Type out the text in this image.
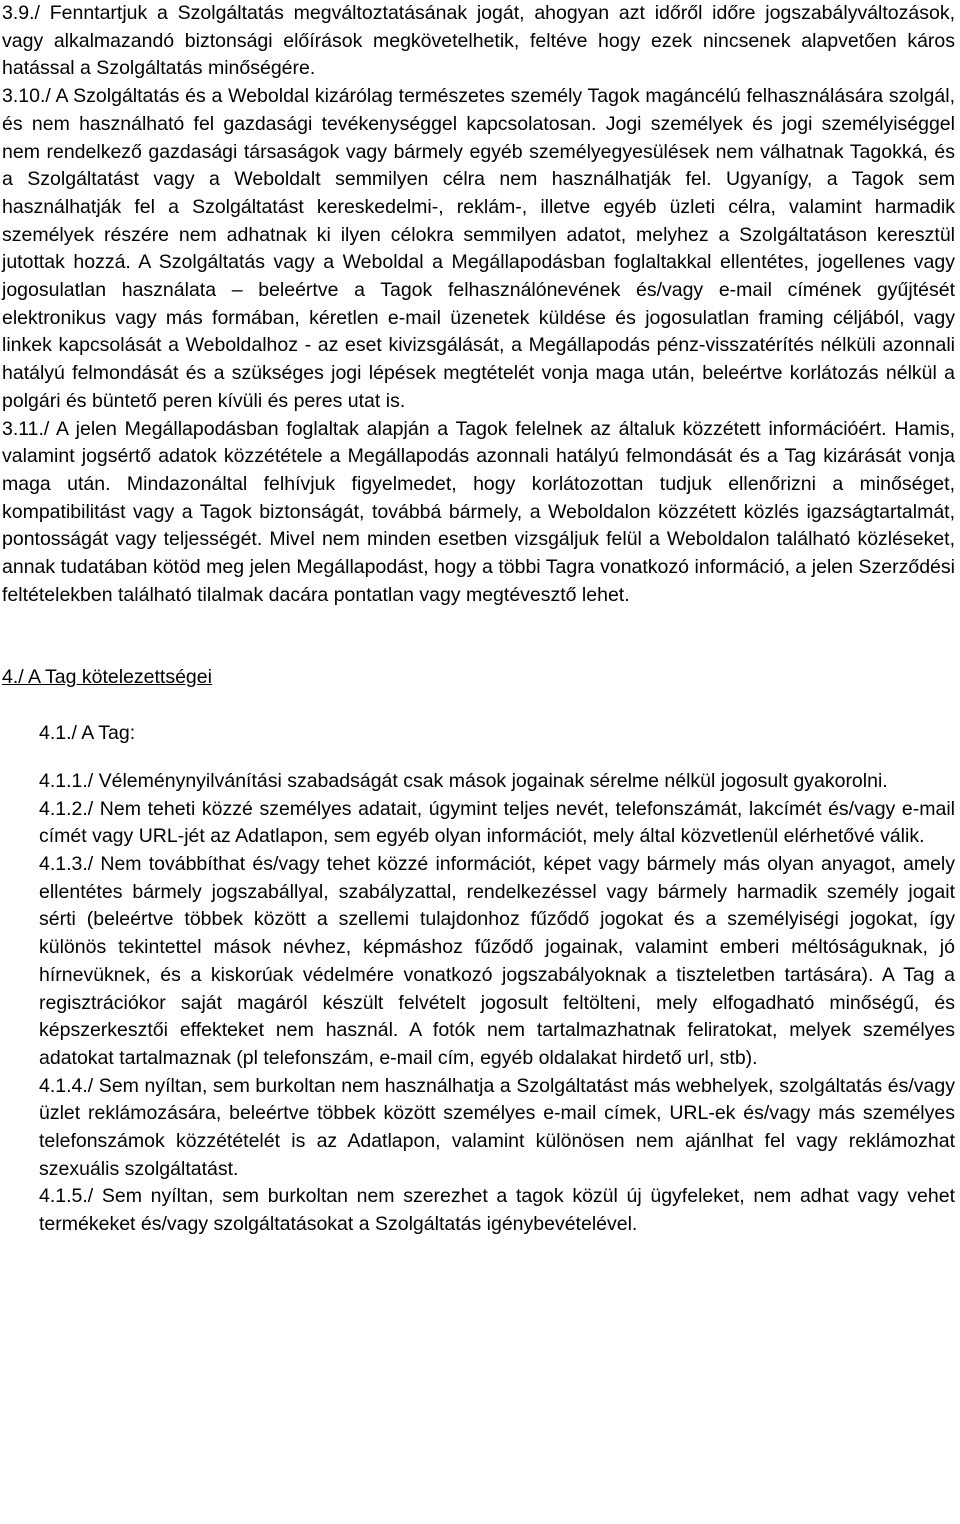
3.9./ Fenntartjuk a Szolgáltatás megváltoztatásának jogát, ahogyan azt időről időre jogszabályváltozások, vagy alkalmazandó biztonsági előírások megkövetelhetik, feltéve hogy ezek nincsenek alapvetően káros hatással a Szolgáltatás minőségére.

3.10./ A Szolgáltatás és a Weboldal kizárólag természetes személy Tagok magáncélú felhasználására szolgál, és nem használható fel gazdasági tevékenységgel kapcsolatosan. Jogi személyek és jogi személyiséggel nem rendelkező gazdasági társaságok vagy bármely egyéb személyegyesülések nem válhatnak Tagokká, és a Szolgáltatást vagy a Weboldalt semmilyen célra nem használhatják fel. Ugyanígy, a Tagok sem használhatják fel a Szolgáltatást kereskedelmi-, reklám-, illetve egyéb üzleti célra, valamint harmadik személyek részére nem adhatnak ki ilyen célokra semmilyen adatot, melyhez a Szolgáltatáson keresztül jutottak hozzá. A Szolgáltatás vagy a Weboldal a Megállapodásban foglaltakkal ellentétes, jogellenes vagy jogosulatlan használata – beleértve a Tagok felhasználónevének és/vagy e-mail címének gyűjtését elektronikus vagy más formában, kéretlen e-mail üzenetek küldése és jogosulatlan framing céljából, vagy linkek kapcsolását a Weboldalhoz - az eset kivizsgálását, a Megállapodás pénz-visszatérítés nélküli azonnali hatályú felmondását és a szükséges jogi lépések megtételét vonja maga után, beleértve korlátozás nélkül a polgári és büntető peren kívüli és peres utat is.

3.11./ A jelen Megállapodásban foglaltak alapján a Tagok felelnek az általuk közzétett információért. Hamis, valamint jogsértő adatok közzététele a Megállapodás azonnali hatályú felmondását és a Tag kizárását vonja maga után. Mindazonáltal felhívjuk figyelmedet, hogy korlátozottan tudjuk ellenőrizni a minőséget, kompatibilitást vagy a Tagok biztonságát, továbbá bármely, a Weboldalon közzétett közlés igazságtartalmát, pontosságát vagy teljességét. Mivel nem minden esetben vizsgáljuk felül a Weboldalon található közléseket, annak tudatában kötöd meg jelen Megállapodást, hogy a többi Tagra vonatkozó információ, a jelen Szerződési feltételekben található tilalmak dacára pontatlan vagy megtévesztő lehet.

4./ A Tag kötelezettségei

4.1./ A Tag:

4.1.1./ Véleménynyilvánítási szabadságát csak mások jogainak sérelme nélkül jogosult gyakorolni.

4.1.2./ Nem teheti közzé személyes adatait, úgymint teljes nevét, telefonszámát, lakcímét és/vagy e-mail címét vagy URL-jét az Adatlapon, sem egyéb olyan információt, mely által közvetlenül elérhetővé válik.

4.1.3./ Nem továbbíthat és/vagy tehet közzé információt, képet vagy bármely más olyan anyagot, amely ellentétes bármely jogszabállyal, szabályzattal, rendelkezéssel vagy bármely harmadik személy jogait sérti (beleértve többek között a szellemi tulajdonhoz fűződő jogokat és a személyiségi jogokat, így különös tekintettel mások névhez, képmáshoz fűződő jogainak, valamint emberi méltóságuknak, jó hírnevüknek, és a kiskorúak védelmére vonatkozó jogszabályoknak a tiszteletben tartására). A Tag a regisztrációkor saját magáról készült felvételt jogosult feltölteni, mely elfogadható minőségű, és képszerkesztői effekteket nem használ. A fotók nem tartalmazhatnak feliratokat, melyek személyes adatokat tartalmaznak (pl telefonszám, e-mail cím, egyéb oldalakat hirdető url, stb).

4.1.4./ Sem nyíltan, sem burkoltan nem használhatja a Szolgáltatást más webhelyek, szolgáltatás és/vagy üzlet reklámozására, beleértve többek között személyes e-mail címek, URL-ek és/vagy más személyes telefonszámok közzétételét is az Adatlapon, valamint különösen nem ajánlhat fel vagy reklámozhat szexuális szolgáltatást.

4.1.5./ Sem nyíltan, sem burkoltan nem szerezhet a tagok közül új ügyfeleket, nem adhat vagy vehet termékeket és/vagy szolgáltatásokat a Szolgáltatás igénybevételével.
